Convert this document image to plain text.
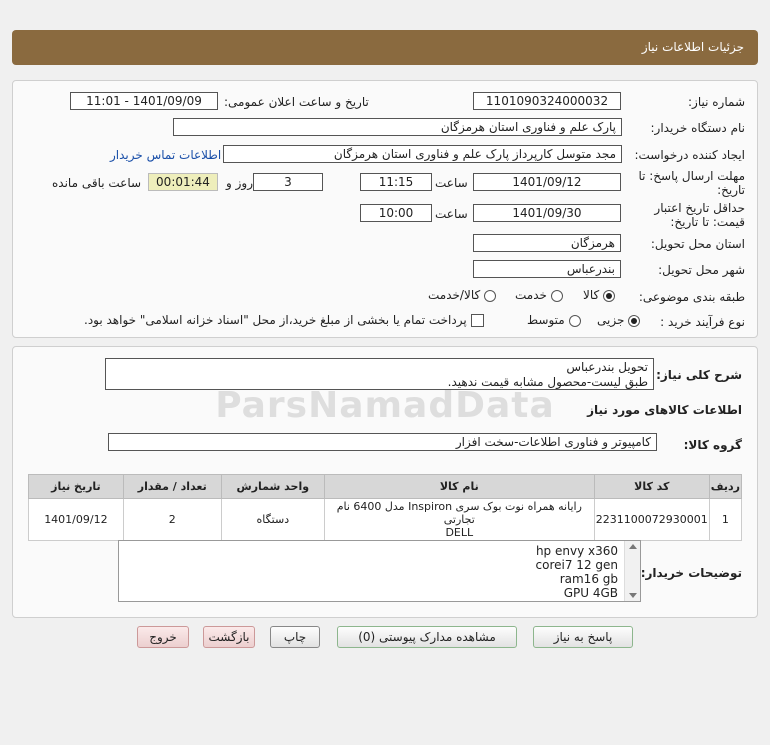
جزئیات اطلاعات نیاز
شماره نیاز:
1101090324000032
تاریخ و ساعت اعلان عمومی:
1401/09/09 - 11:01
نام دستگاه خریدار:
پارک علم و فناوری استان هرمزگان
ایجاد کننده درخواست:
مجد متوسل کارپرداز پارک علم و فناوری استان هرمزگان
اطلاعات تماس خریدار
مهلت ارسال پاسخ: تا
تاریخ:
1401/09/12
ساعت
11:15
3
روز و
00:01:44
ساعت باقی مانده
حداقل تاریخ اعتبار
قیمت: تا تاریخ:
1401/09/30
ساعت
10:00
استان محل تحویل:
هرمزگان
شهر محل تحویل:
بندرعباس
طبقه بندی موضوعی:
کالا
خدمت
کالا/خدمت
نوع فرآیند خرید :
جزیی
متوسط
پرداخت تمام یا بخشی از مبلغ خرید،از محل "اسناد خزانه اسلامی" خواهد بود.
شرح کلی نیاز:
تحویل بندرعباس
طبق لیست-محصول مشابه قیمت ندهید.
ParsNamadData	اطلاعات کالاهای مورد نیاز
گروه کالا:
کامپیوتر و فناوری اطلاعات-سخت افزار
ردیف	کد کالا	نام کالا	واحد شمارش	تعداد / مقدار	تاریخ نیاز
1	2231100072930001	رایانه همراه نوت بوک سری Inspiron مدل 6400 نام تجارتی
DELL	دستگاه	2	1401/09/12
توضیحات خریدار:
hp envy x360
corei7 12 gen
ram16 gb
GPU 4GB
پاسخ به نیاز
مشاهده مدارک پیوستی (0)
چاپ
بازگشت
خروج
